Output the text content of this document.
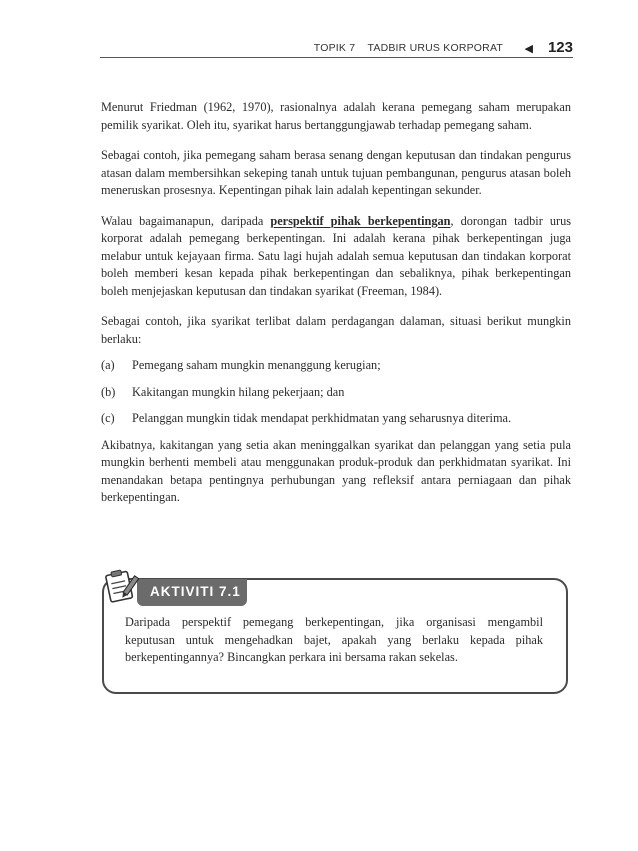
TOPIK 7    TADBIR URUS KORPORAT ◀ 123

Menurut Friedman (1962, 1970), rasionalnya adalah kerana pemegang saham merupakan pemilik syarikat. Oleh itu, syarikat harus bertanggungjawab terhadap pemegang saham.

Sebagai contoh, jika pemegang saham berasa senang dengan keputusan dan tindakan pengurus atasan dalam membersihkan sekeping tanah untuk tujuan pembangunan, pengurus atasan boleh meneruskan prosesnya. Kepentingan pihak lain adalah kepentingan sekunder.

Walau bagaimanapun, daripada perspektif pihak berkepentingan, dorongan tadbir urus korporat adalah pemegang berkepentingan. Ini adalah kerana pihak berkepentingan juga melabur untuk kejayaan firma. Satu lagi hujah adalah semua keputusan dan tindakan korporat boleh memberi kesan kepada pihak berkepentingan dan sebaliknya, pihak berkepentingan boleh menjejaskan keputusan dan tindakan syarikat (Freeman, 1984).

Sebagai contoh, jika syarikat terlibat dalam perdagangan dalaman, situasi berikut mungkin berlaku:

(a)	Pemegang saham mungkin menanggung kerugian;
(b)	Kakitangan mungkin hilang pekerjaan; dan
(c)	Pelanggan mungkin tidak mendapat perkhidmatan yang seharusnya diterima.

Akibatnya, kakitangan yang setia akan meninggalkan syarikat dan pelanggan yang setia pula mungkin berhenti membeli atau menggunakan produk-produk dan perkhidmatan syarikat. Ini menandakan betapa pentingnya perhubungan yang refleksif antara perniagaan dan pihak berkepentingan.

AKTIVITI 7.1
Daripada perspektif pemegang berkepentingan, jika organisasi mengambil keputusan untuk mengehadkan bajet, apakah yang berlaku kepada pihak berkepentingannya? Bincangkan perkara ini bersama rakan sekelas.
